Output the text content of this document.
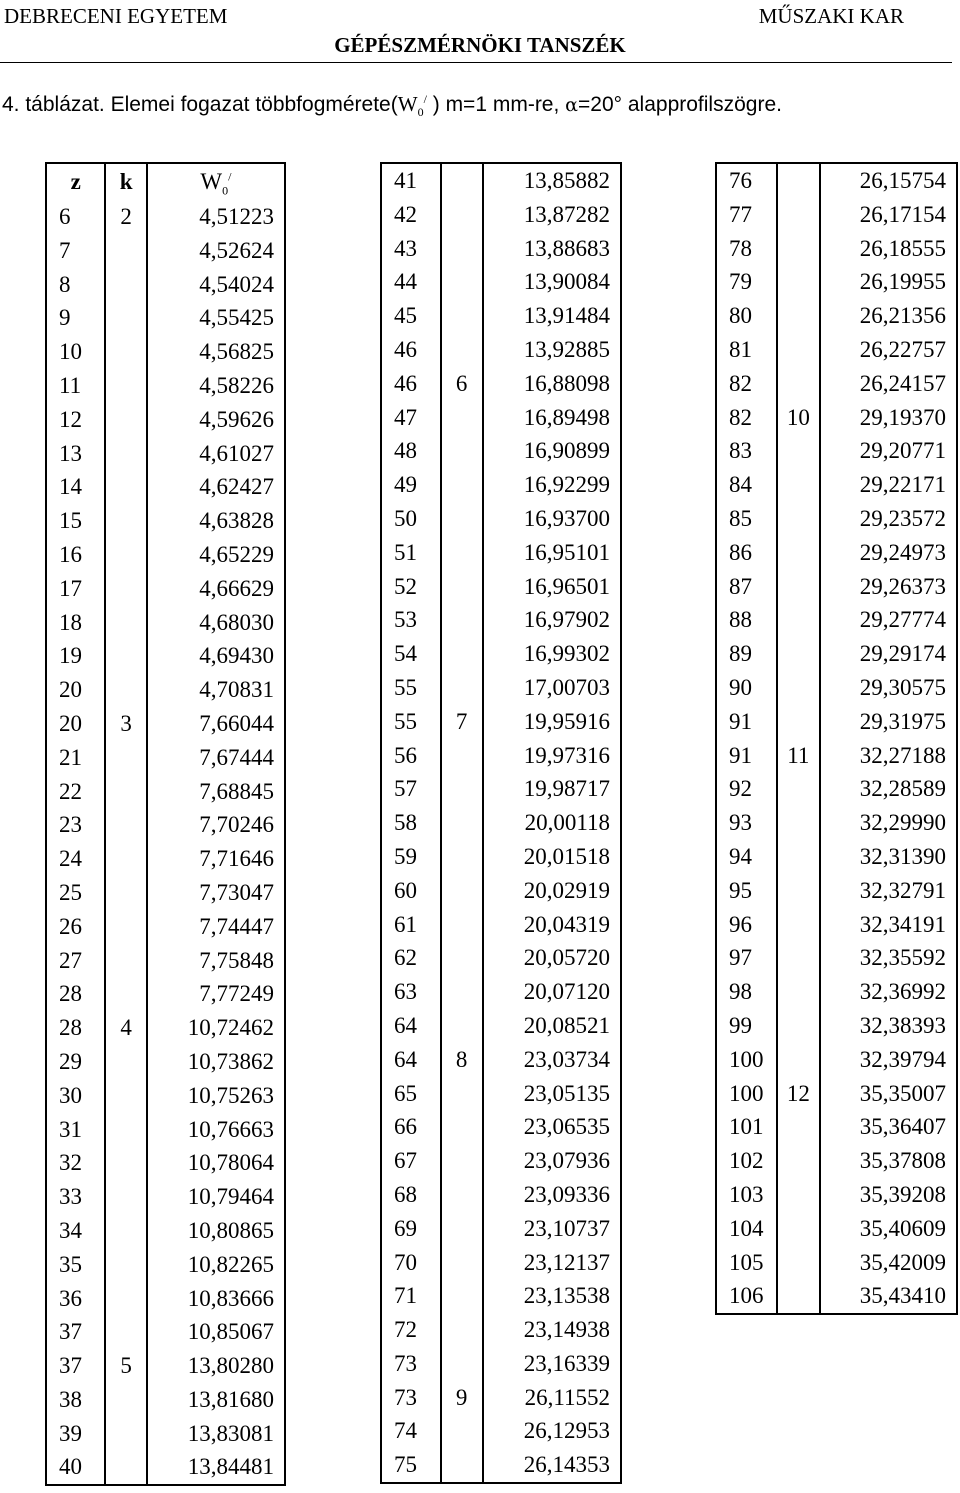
DEBRECENI EGYETEM	MŰSZAKI KAR
GÉPÉSZMÉRNÖKI TANSZÉK
4. táblázat. Elemei fogazat $többfogmérete(W_0^/$ ) m=1 mm-re, α=20° alapprofilszögre.
z	k	$W_0^/$
6	2	4,51223
7		4,52624
8		4,54024
9		4,55425
10		4,56825
11		4,58226
12		4,59626
13		4,61027
14		4,62427
15		4,63828
16		4,65229
17		4,66629
18		4,68030
19		4,69430
20		4,70831
20	3	7,66044
21		7,67444
22		7,68845
23		7,70246
24		7,71646
25		7,73047
26		7,74447
27		7,75848
28		7,77249
28	4	10,72462
29		10,73862
30		10,75263
31		10,76663
32		10,78064
33		10,79464
34		10,80865
35		10,82265
36		10,83666
37		10,85067
37	5	13,80280
38		13,81680
39		13,83081
40		13,84481
41		13,85882
42		13,87282
43		13,88683
44		13,90084
45		13,91484
46		13,92885
46	6	16,88098
47		16,89498
48		16,90899
49		16,92299
50		16,93700
51		16,95101
52		16,96501
53		16,97902
54		16,99302
55		17,00703
55	7	19,95916
56		19,97316
57		19,98717
58		20,00118
59		20,01518
60		20,02919
61		20,04319
62		20,05720
63		20,07120
64		20,08521
64	8	23,03734
65		23,05135
66		23,06535
67		23,07936
68		23,09336
69		23,10737
70		23,12137
71		23,13538
72		23,14938
73		23,16339
73	9	26,11552
74		26,12953
75		26,14353
76		26,15754
77		26,17154
78		26,18555
79		26,19955
80		26,21356
81		26,22757
82		26,24157
82	10	29,19370
83		29,20771
84		29,22171
85		29,23572
86		29,24973
87		29,26373
88		29,27774
89		29,29174
90		29,30575
91		29,31975
91	11	32,27188
92		32,28589
93		32,29990
94		32,31390
95		32,32791
96		32,34191
97		32,35592
98		32,36992
99		32,38393
100		32,39794
100	12	35,35007
101		35,36407
102		35,37808
103		35,39208
104		35,40609
105		35,42009
106		35,43410
